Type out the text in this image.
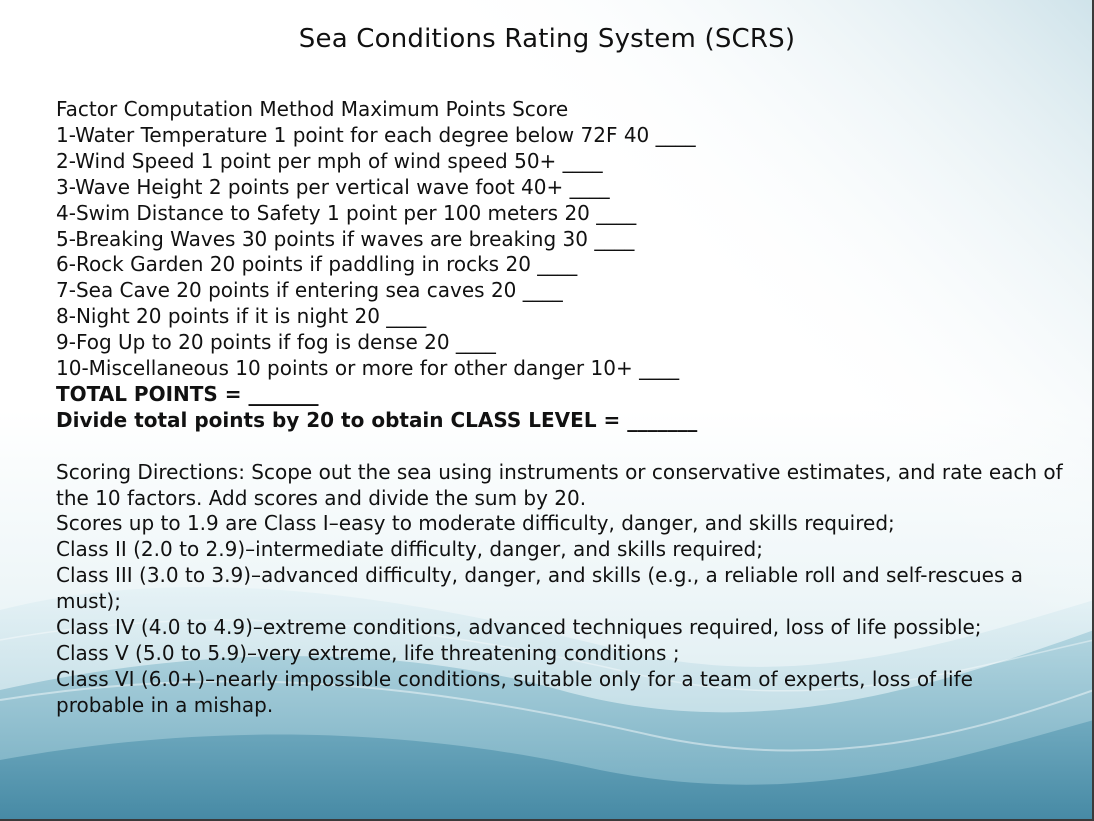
Sea Conditions Rating System (SCRS)
Factor Computation Method Maximum Points Score
1-Water Temperature 1 point for each degree below 72F 40 ____
2-Wind Speed 1 point per mph of wind speed 50+ ____
3-Wave Height 2 points per vertical wave foot 40+ ____
4-Swim Distance to Safety 1 point per 100 meters 20 ____
5-Breaking Waves 30 points if waves are breaking 30 ____
6-Rock Garden 20 points if paddling in rocks 20 ____
7-Sea Cave 20 points if entering sea caves 20 ____
8-Night 20 points if it is night 20 ____
9-Fog Up to 20 points if fog is dense 20 ____
10-Miscellaneous 10 points or more for other danger 10+ ____
TOTAL POINTS = _______
Divide total points by 20 to obtain CLASS LEVEL = _______
Scoring Directions: Scope out the sea using instruments or conservative estimates, and rate each of the 10 factors. Add scores and divide the sum by 20.
Scores up to 1.9 are Class I–easy to moderate difficulty, danger, and skills required;
Class II (2.0 to 2.9)–intermediate difficulty, danger, and skills required;
Class III (3.0 to 3.9)–advanced difficulty, danger, and skills (e.g., a reliable roll and self-rescues a must);
Class IV (4.0 to 4.9)–extreme conditions, advanced techniques required, loss of life possible;
Class V (5.0 to 5.9)–very extreme, life threatening conditions ;
Class VI (6.0+)–nearly impossible conditions, suitable only for a team of experts, loss of life probable in a mishap.
